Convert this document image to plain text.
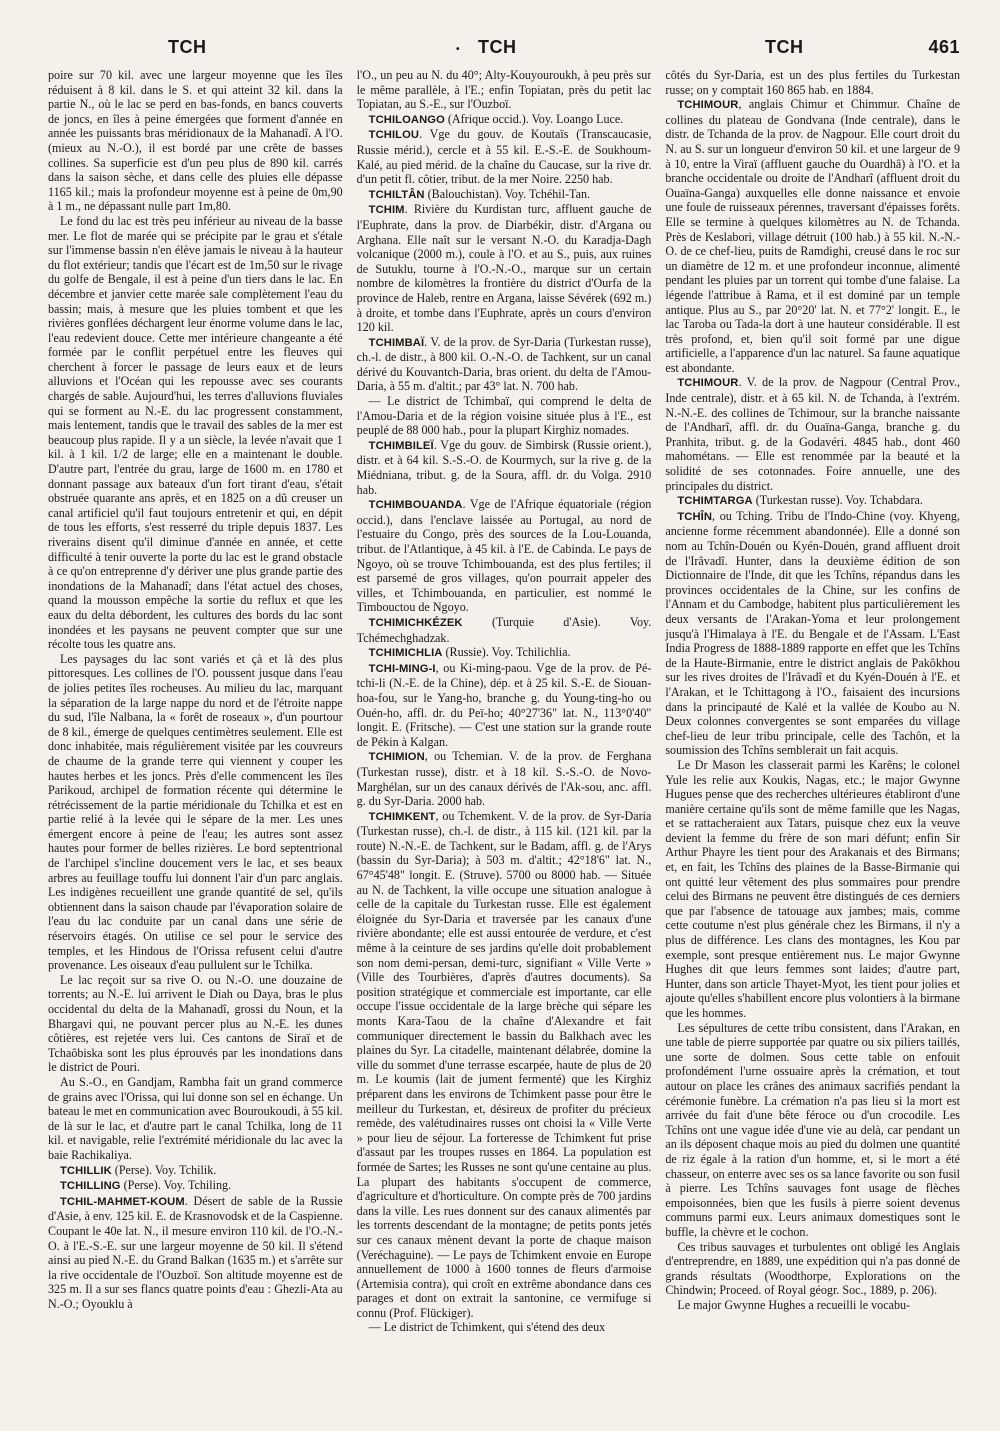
TCH	• TCH	TCH	461

poire sur 70 kil. avec une largeur moyenne que les îles réduisent à 8 kil. dans le S. et qui atteint 32 kil. dans la partie N., où le lac se perd en bas-fonds, en bancs couverts de joncs, en îles à peine émergées que forment d'année en année les puissants bras méridionaux de la Mahanadî. A l'O. (mieux au N.-O.), il est bordé par une crête de basses collines. Sa superficie est d'un peu plus de 890 kil. carrés dans la saison sèche, et dans celle des pluies elle dépasse 1165 kil.; mais la profondeur moyenne est à peine de 0m,90 à 1 m., ne dépassant nulle part 1m,80.

Le fond du lac est très peu inférieur au niveau de la basse mer. Le flot de marée qui se précipite par le grau et s'étale sur l'immense bassin n'en élève jamais le niveau à la hauteur du flot extérieur; tandis que l'écart est de 1m,50 sur le rivage du golfe de Bengale, il est à peine d'un tiers dans le lac. En décembre et janvier cette marée sale complètement l'eau du bassin; mais, à mesure que les pluies tombent et que les rivières gonflées déchargent leur énorme volume dans le lac, l'eau redevient douce. Cette mer intérieure changeante a été formée par le conflit perpétuel entre les fleuves qui cherchent à forcer le passage de leurs eaux et de leurs alluvions et l'Océan qui les repousse avec ses courants chargés de sable. Aujourd'hui, les terres d'alluvions fluviales qui se forment au N.-E. du lac progressent constamment, mais lentement, tandis que le travail des sables de la mer est beaucoup plus rapide. Il y a un siècle, la levée n'avait que 1 kil. à 1 kil. 1/2 de large; elle en a maintenant le double. D'autre part, l'entrée du grau, large de 1600 m. en 1780 et donnant passage aux bateaux d'un fort tirant d'eau, s'était obstruée quarante ans après, et en 1825 on a dû creuser un canal artificiel qu'il faut toujours entretenir et qui, en dépit de tous les efforts, s'est resserré du triple depuis 1837. Les riverains disent qu'il diminue d'année en année, et cette difficulté à tenir ouverte la porte du lac est le grand obstacle à ce qu'on entreprenne d'y dériver une plus grande partie des inondations de la Mahanadî; dans l'état actuel des choses, quand la mousson empêche la sortie du reflux et que les eaux du delta débordent, les cultures des bords du lac sont inondées et les paysans ne peuvent compter que sur une récolte tous les quatre ans.

Les paysages du lac sont variés et çà et là des plus pittoresques. Les collines de l'O. poussent jusque dans l'eau de jolies petites îles rocheuses. Au milieu du lac, marquant la séparation de la large nappe du nord et de l'étroite nappe du sud, l'île Nalbana, la « forêt de roseaux », d'un pourtour de 8 kil., émerge de quelques centimètres seulement. Elle est donc inhabitée, mais régulièrement visitée par les couvreurs de chaume de la grande terre qui viennent y couper les hautes herbes et les joncs. Près d'elle commencent les îles Parikoud, archipel de formation récente qui détermine le rétrécissement de la partie méridionale du Tchilka et est en partie relié à la levée qui le sépare de la mer. Les unes émergent encore à peine de l'eau; les autres sont assez hautes pour former de belles rizières. Le bord septentrional de l'archipel s'incline doucement vers le lac, et ses beaux arbres au feuillage touffu lui donnent l'air d'un parc anglais. Les indigènes recueillent une grande quantité de sel, qu'ils obtiennent dans la saison chaude par l'évaporation solaire de l'eau du lac conduite par un canal dans une série de réservoirs étagés. On utilise ce sel pour le service des temples, et les Hindous de l'Orissa refusent celui d'autre provenance. Les oiseaux d'eau pullulent sur le Tchilka.

Le lac reçoit sur sa rive O. ou N.-O. une douzaine de torrents; au N.-E. lui arrivent le Diah ou Daya, bras le plus occidental du delta de la Mahanadî, grossi du Noun, et la Bhargavi qui, ne pouvant percer plus au N.-E. les dunes côtières, est rejetée vers lui. Ces cantons de Siraï et de Tchaôbiska sont les plus éprouvés par les inondations dans le district de Pouri.

Au S.-O., en Gandjam, Rambha fait un grand commerce de grains avec l'Orissa, qui lui donne son sel en échange. Un bateau le met en communication avec Bouroukoudi, à 55 kil. de là sur le lac, et d'autre part le canal Tchilka, long de 11 kil. et navigable, relie l'extrémité méridionale du lac avec la baie Rachikaliya.

TCHILLIK (Perse). Voy. Tchilik.

TCHILLING (Perse). Voy. Tchiling.

TCHIL-MAHMET-KOUM. Désert de sable de la Russie d'Asie, à env. 125 kil. E. de Krasnovodsk et de la Caspienne. Coupant le 40e lat. N., il mesure environ 110 kil. de l'O.-N.-O. à l'E.-S.-E. sur une largeur moyenne de 50 kil. Il s'étend ainsi au pied N.-E. du Grand Balkan (1635 m.) et s'arrête sur la rive occidentale de l'Ouzboï. Son altitude moyenne est de 325 m. Il a sur ses flancs quatre points d'eau : Ghezli-Ata au N.-O.; Oyouklu à

l'O., un peu au N. du 40°; Alty-Kouyouroukh, à peu près sur le même parallèle, à l'E.; enfin Topiatan, près du petit lac Topiatan, au S.-E., sur l'Ouzboï.

TCHILOANGO (Afrique occid.). Voy. Loango Luce.

TCHILOU. Vge du gouv. de Koutaïs (Transcaucasie, Russie mérid.), cercle et à 55 kil. E.-S.-E. de Soukhoum-Kalé, au pied mérid. de la chaîne du Caucase, sur la rive dr. d'un petit fl. côtier, tribut. de la mer Noire. 2250 hab.

TCHILTÂN (Balouchistan). Voy. Tchéhil-Tan.

TCHIM. Rivière du Kurdistan turc, affluent gauche de l'Euphrate, dans la prov. de Diarbékir, distr. d'Argana ou Arghana. Elle naît sur le versant N.-O. du Karadja-Dagh volcanique (2000 m.), coule à l'O. et au S., puis, aux ruines de Sutuklu, tourne à l'O.-N.-O., marque sur un certain nombre de kilomètres la frontière du district d'Ourfa de la province de Haleb, rentre en Argana, laisse Sévérek (692 m.) à droite, et tombe dans l'Euphrate, après un cours d'environ 120 kil.

TCHIMBAÏ. V. de la prov. de Syr-Daria (Turkestan russe), ch.-l. de distr., à 800 kil. O.-N.-O. de Tachkent, sur un canal dérivé du Kouvantch-Daria, bras orient. du delta de l'Amou-Daria, à 55 m. d'altit.; par 43° lat. N. 700 hab.

— Le district de Tchimbaï, qui comprend le delta de l'Amou-Daria et de la région voisine située plus à l'E., est peuplé de 88 000 hab., pour la plupart Kirghiz nomades.

TCHIMBILEÏ. Vge du gouv. de Simbirsk (Russie orient.), distr. et à 64 kil. S.-S.-O. de Kourmych, sur la rive g. de la Miédniana, tribut. g. de la Soura, affl. dr. du Volga. 2910 hab.

TCHIMBOUANDA. Vge de l'Afrique équatoriale (région occid.), dans l'enclave laissée au Portugal, au nord de l'estuaire du Congo, près des sources de la Lou-Louanda, tribut. de l'Atlantique, à 45 kil. à l'E. de Cabinda. Le pays de Ngoyo, où se trouve Tchimbouanda, est des plus fertiles; il est parsemé de gros villages, qu'on pourrait appeler des villes, et Tchimbouanda, en particulier, est nommé le Timbouctou de Ngoyo.

TCHIMICHKÉZEK (Turquie d'Asie). Voy. Tchémechghadzak.

TCHIMICHLIA (Russie). Voy. Tchilichlia.

TCHI-MING-I, ou Ki-ming-paou. Vge de la prov. de Pé-tchi-li (N.-E. de la Chine), dép. et à 25 kil. S.-E. de Siouan-hoa-fou, sur le Yang-ho, branche g. du Young-ting-ho ou Ouén-ho, affl. dr. du Peï-ho; 40°27'36" lat. N., 113°0'40" longit. E. (Fritsche). — C'est une station sur la grande route de Pékin à Kalgan.

TCHIMION, ou Tchemian. V. de la prov. de Ferghana (Turkestan russe), distr. et à 18 kil. S.-S.-O. de Novo-Marghélan, sur un des canaux dérivés de l'Ak-sou, anc. affl. g. du Syr-Daria. 2000 hab.

TCHIMKENT, ou Tchemkent. V. de la prov. de Syr-Daria (Turkestan russe), ch.-l. de distr., à 115 kil. (121 kil. par la route) N.-N.-E. de Tachkent, sur le Badam, affl. g. de l'Arys (bassin du Syr-Daria); à 503 m. d'altit.; 42°18'6" lat. N., 67°45'48" longit. E. (Struve). 5700 ou 8000 hab. — Située au N. de Tachkent, la ville occupe une situation analogue à celle de la capitale du Turkestan russe. Elle est également éloignée du Syr-Daria et traversée par les canaux d'une rivière abondante; elle est aussi entourée de verdure, et c'est même à la ceinture de ses jardins qu'elle doit probablement son nom demi-persan, demi-turc, signifiant « Ville Verte » (Ville des Tourbières, d'après d'autres documents). Sa position stratégique et commerciale est importante, car elle occupe l'issue occidentale de la large brèche qui sépare les monts Kara-Taou de la chaîne d'Alexandre et fait communiquer directement le bassin du Balkhach avec les plaines du Syr. La citadelle, maintenant délabrée, domine la ville du sommet d'une terrasse escarpée, haute de plus de 20 m. Le koumis (lait de jument fermenté) que les Kirghiz préparent dans les environs de Tchimkent passe pour être le meilleur du Turkestan, et, désireux de profiter du précieux remède, des valétudinaires russes ont choisi la « Ville Verte » pour lieu de séjour. La forteresse de Tchimkent fut prise d'assaut par les troupes russes en 1864. La population est formée de Sartes; les Russes ne sont qu'une centaine au plus. La plupart des habitants s'occupent de commerce, d'agriculture et d'horticulture. On compte près de 700 jardins dans la ville. Les rues donnent sur des canaux alimentés par les torrents descendant de la montagne; de petits ponts jetés sur ces canaux mènent devant la porte de chaque maison (Veréchaguine). — Le pays de Tchimkent envoie en Europe annuellement de 1000 à 1600 tonnes de fleurs d'armoise (Artemisia contra), qui croît en extrême abondance dans ces parages et dont on extrait la santonine, ce vermifuge si connu (Prof. Flückiger).

— Le district de Tchimkent, qui s'étend des deux

côtés du Syr-Daria, est un des plus fertiles du Turkestan russe; on y comptait 160 865 hab. en 1884.

TCHIMOUR, anglais Chimur et Chimmur. Chaîne de collines du plateau de Gondvana (Inde centrale), dans le distr. de Tchanda de la prov. de Nagpour. Elle court droit du N. au S. sur un longueur d'environ 50 kil. et une largeur de 9 à 10, entre la Viraï (affluent gauche du Ouardhâ) à l'O. et la branche occidentale ou droite de l'Andharî (affluent droit du Ouaïna-Ganga) auxquelles elle donne naissance et envoie une foule de ruisseaux pérennes, traversant d'épaisses forêts. Elle se termine à quelques kilomètres au N. de Tchanda. Près de Keslabori, village détruit (100 hab.) à 55 kil. N.-N.-O. de ce chef-lieu, puits de Ramdighi, creusé dans le roc sur un diamètre de 12 m. et une profondeur inconnue, alimenté pendant les pluies par un torrent qui tombe d'une falaise. La légende l'attribue à Rama, et il est dominé par un temple antique. Plus au S., par 20°20' lat. N. et 77°2' longit. E., le lac Taroba ou Tada-la dort à une hauteur considérable. Il est très profond, et, bien qu'il soit formé par une digue artificielle, a l'apparence d'un lac naturel. Sa faune aquatique est abondante.

TCHIMOUR. V. de la prov. de Nagpour (Central Prov., Inde centrale), distr. et à 65 kil. N. de Tchanda, à l'extrém. N.-N.-E. des collines de Tchimour, sur la branche naissante de l'Andharî, affl. dr. du Ouaïna-Ganga, branche g. du Pranhita, tribut. g. de la Godavéri. 4845 hab., dont 460 mahométans. — Elle est renommée par la beauté et la solidité de ses cotonnades. Foire annuelle, une des principales du district.

TCHIMTARGA (Turkestan russe). Voy. Tchabdara.

TCHÎN, ou Tching. Tribu de l'Indo-Chine (voy. Khyeng, ancienne forme récemment abandonnée). Elle a donné son nom au Tchîn-Douén ou Kyén-Douén, grand affluent droit de l'Irâvadî. Hunter, dans la deuxième édition de son Dictionnaire de l'Inde, dit que les Tchîns, répandus dans les provinces occidentales de la Chine, sur les confins de l'Annam et du Cambodge, habitent plus particulièrement les deux versants de l'Arakan-Yoma et leur prolongement jusqu'à l'Himalaya à l'E. du Bengale et de l'Assam. L'East India Progress de 1888-1889 rapporte en effet que les Tchîns de la Haute-Birmanie, entre le district anglais de Pakôkhou sur les rives droites de l'Irâvadî et du Kyén-Douén à l'E. et l'Arakan, et le Tchittagong à l'O., faisaient des incursions dans la principauté de Kalé et la vallée de Koubo au N. Deux colonnes convergentes se sont emparées du village chef-lieu de leur tribu principale, celle des Tachôn, et la soumission des Tchîns semblerait un fait acquis.

Le Dr Mason les classerait parmi les Karêns; le colonel Yule les relie aux Koukis, Nagas, etc.; le major Gwynne Hugues pense que des recherches ultérieures établiront d'une manière certaine qu'ils sont de même famille que les Nagas, et se rattacheraient aux Tatars, puisque chez eux la veuve devient la femme du frère de son mari défunt; enfin Sir Arthur Phayre les tient pour des Arakanais et des Birmans; et, en fait, les Tchîns des plaines de la Basse-Birmanie qui ont quitté leur vêtement des plus sommaires pour prendre celui des Birmans ne peuvent être distingués de ces derniers que par l'absence de tatouage aux jambes; mais, comme cette coutume n'est plus générale chez les Birmans, il n'y a plus de différence. Les clans des montagnes, les Kou par exemple, sont presque entièrement nus. Le major Gwynne Hughes dit que leurs femmes sont laides; d'autre part, Hunter, dans son article Thayet-Myot, les tient pour jolies et ajoute qu'elles s'habillent encore plus volontiers à la birmane que les hommes.

Les sépultures de cette tribu consistent, dans l'Arakan, en une table de pierre supportée par quatre ou six piliers taillés, une sorte de dolmen. Sous cette table on enfouit profondément l'urne ossuaire après la crémation, et tout autour on place les crânes des animaux sacrifiés pendant la cérémonie funèbre. La crémation n'a pas lieu si la mort est arrivée du fait d'une bête féroce ou d'un crocodile. Les Tchîns ont une vague idée d'une vie au delà, car pendant un an ils déposent chaque mois au pied du dolmen une quantité de riz égale à la ration d'un homme, et, si le mort a été chasseur, on enterre avec ses os sa lance favorite ou son fusil à pierre. Les Tchîns sauvages font usage de flèches empoisonnées, bien que les fusils à pierre soient devenus communs parmi eux. Leurs animaux domestiques sont le buffle, la chèvre et le cochon.

Ces tribus sauvages et turbulentes ont obligé les Anglais d'entreprendre, en 1889, une expédition qui n'a pas donné de grands résultats (Woodthorpe, Explorations on the Chindwin; Proceed. of Royal géogr. Soc., 1889, p. 206).

Le major Gwynne Hughes a recueilli le vocabu-
